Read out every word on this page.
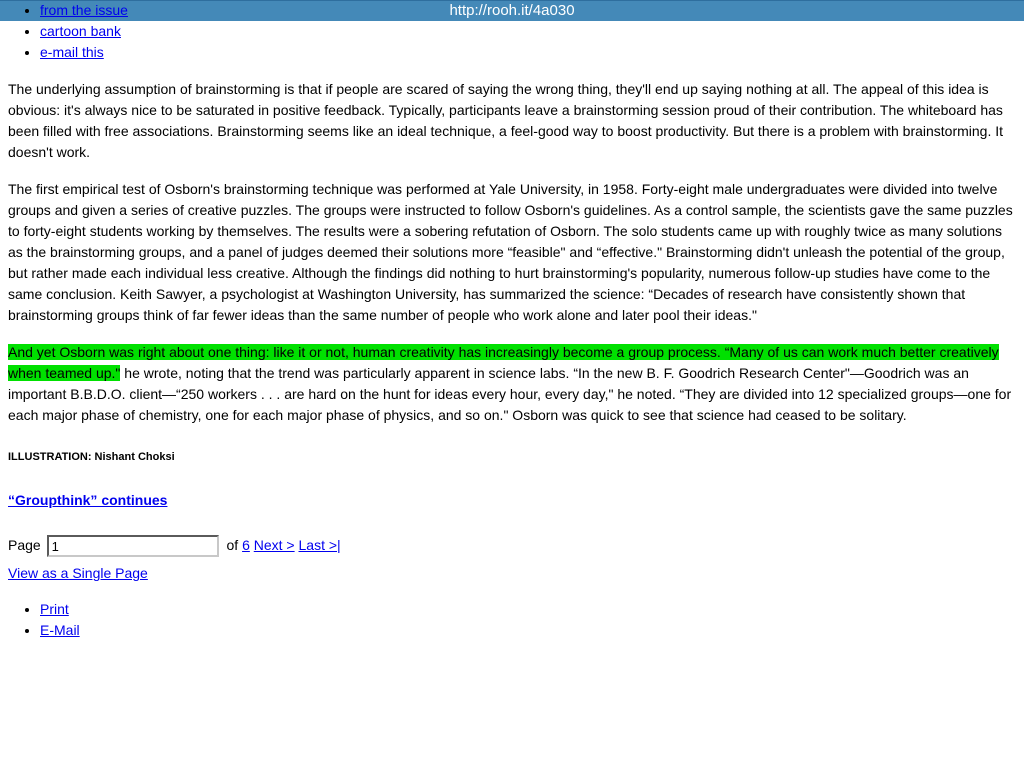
http://rooh.it/4a030
• from the issue
• cartoon bank
• e-mail this

The underlying assumption of brainstorming is that if people are scared of saying the wrong thing, they'll end up saying nothing at all. The appeal of this idea is obvious: it's always nice to be saturated in positive feedback. Typically, participants leave a brainstorming session proud of their contribution. The whiteboard has been filled with free associations. Brainstorming seems like an ideal technique, a feel-good way to boost productivity. But there is a problem with brainstorming. It doesn't work.

The first empirical test of Osborn's brainstorming technique was performed at Yale University, in 1958. Forty-eight male undergraduates were divided into twelve groups and given a series of creative puzzles. The groups were instructed to follow Osborn's guidelines. As a control sample, the scientists gave the same puzzles to forty-eight students working by themselves. The results were a sobering refutation of Osborn. The solo students came up with roughly twice as many solutions as the brainstorming groups, and a panel of judges deemed their solutions more “feasible" and “effective." Brainstorming didn't unleash the potential of the group, but rather made each individual less creative. Although the findings did nothing to hurt brainstorming's popularity, numerous follow-up studies have come to the same conclusion. Keith Sawyer, a psychologist at Washington University, has summarized the science: “Decades of research have consistently shown that brainstorming groups think of far fewer ideas than the same number of people who work alone and later pool their ideas."

And yet Osborn was right about one thing: like it or not, human creativity has increasingly become a group process. “Many of us can work much better creatively when teamed up." he wrote, noting that the trend was particularly apparent in science labs. “In the new B. F. Goodrich Research Center"—Goodrich was an important B.B.D.O. client—“250 workers . . . are hard on the hunt for ideas every hour, every day," he noted. “They are divided into 12 specialized groups—one for each major phase of chemistry, one for each major phase of physics, and so on." Osborn was quick to see that science had ceased to be solitary.

ILLUSTRATION: Nishant Choksi
“Groupthink” continues
Page 1	of 6 Next > Last >|
View as a Single Page
• Print
• E-Mail
